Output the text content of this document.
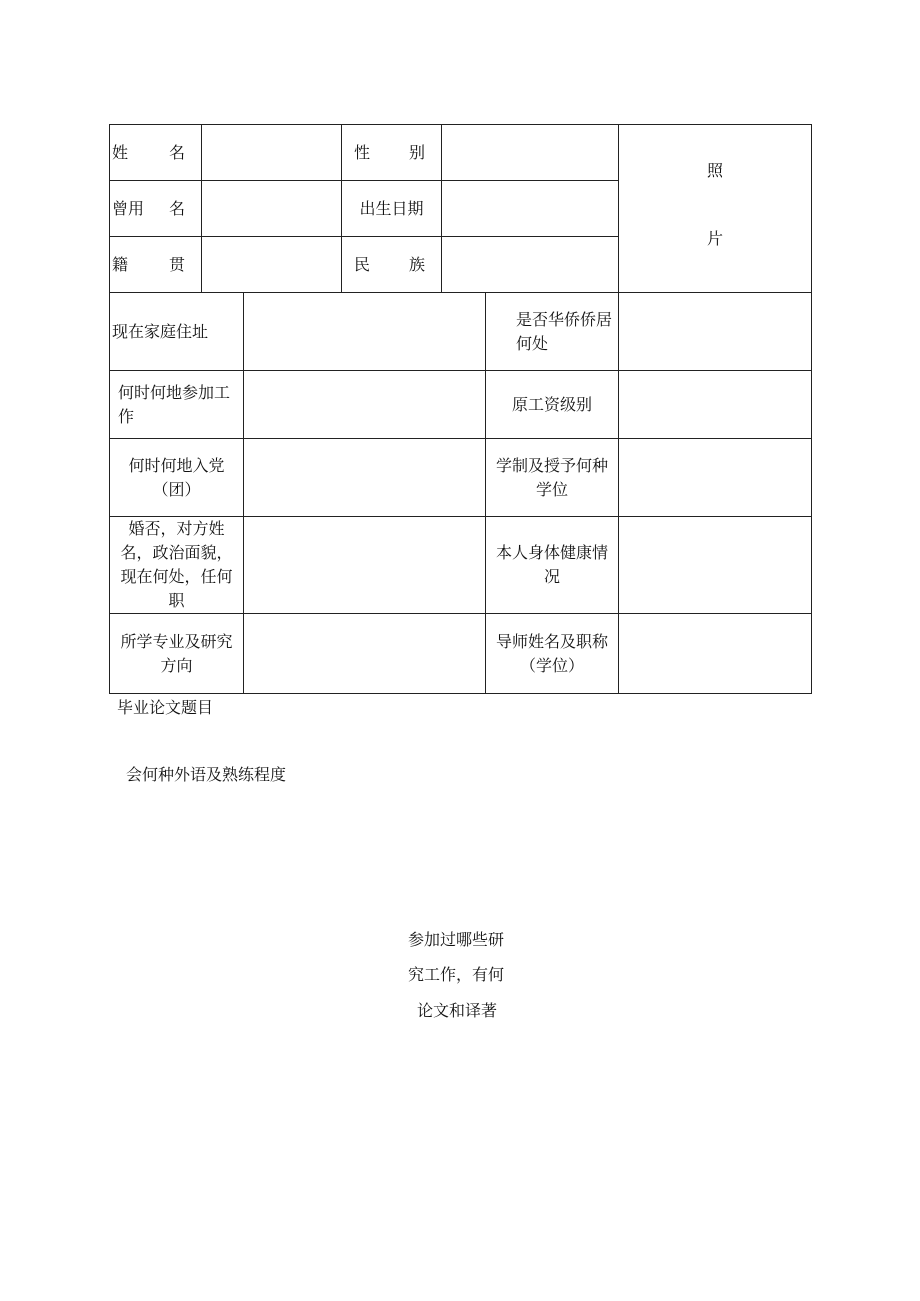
姓 名			性 别			照
片

曾用 名			出生日期			

籍 贯			民 族			

现在家庭住址					是否华侨侨居何处	
何时何地参加工作					原工资级别	
何时何地入党（团）					学制及授予何种学位	
婚否，对方姓名，政治面貌，现在何处，任何职					本人身体健康情况	
所学专业及研究方向					导师姓名及职称（学位）	
毕业论文题目
会何种外语及熟练程度
参加过哪些研
究工作，有何
论文和译著
